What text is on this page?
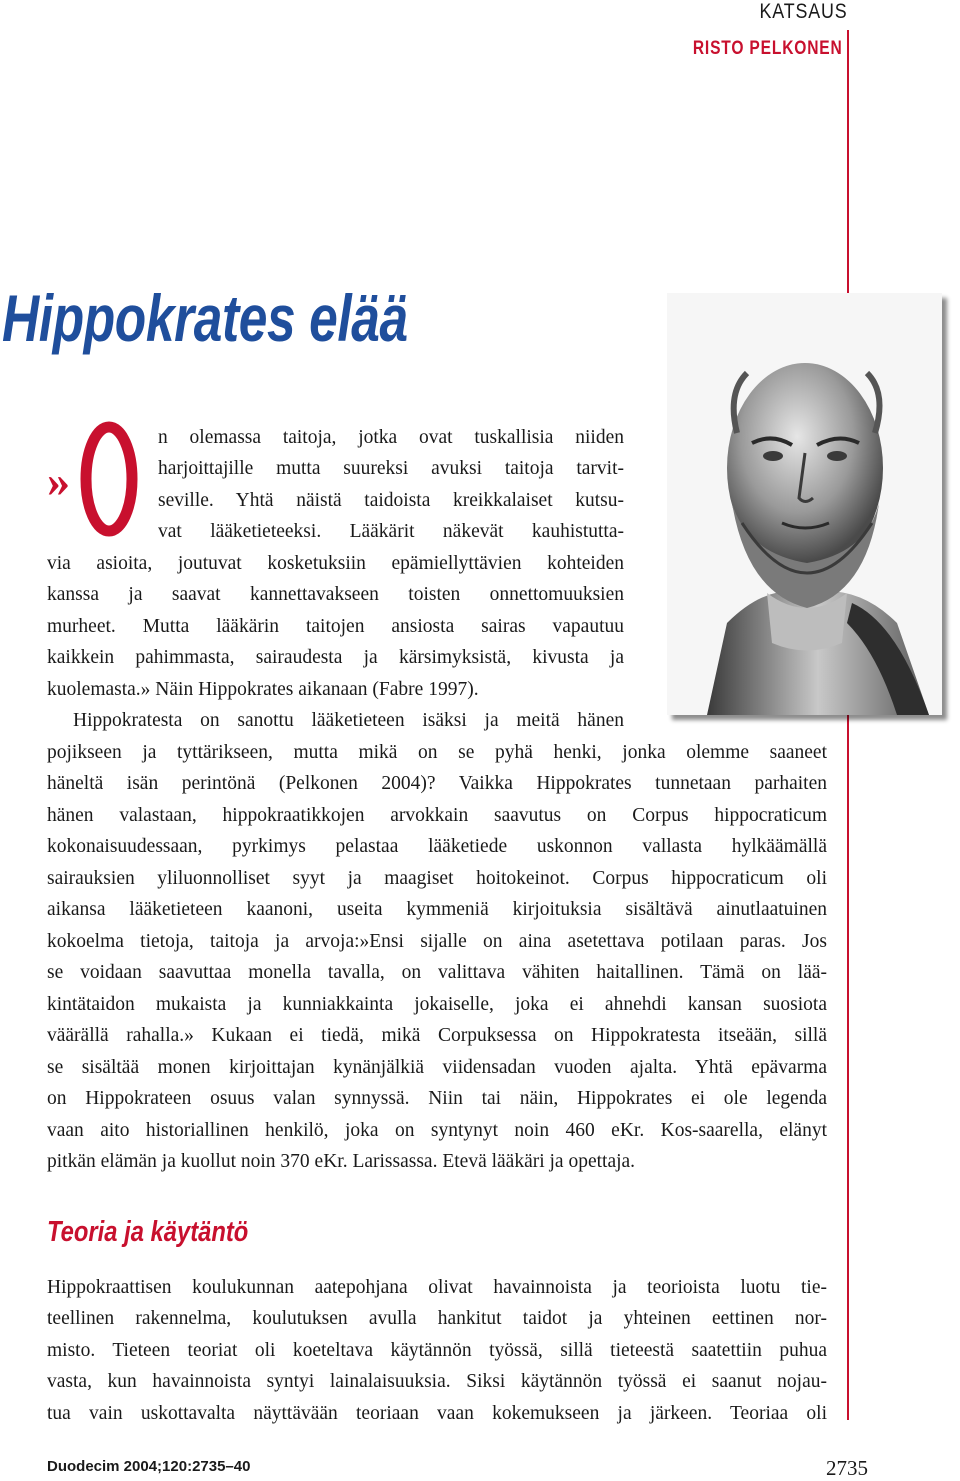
KATSAUS
RISTO PELKONEN
Hippokrates elää
»
n olemassa taitoja, jotka ovat tuskallisia niiden
harjoittajille mutta suureksi avuksi taitoja tarvit-
seville. Yhtä näistä taidoista kreikkalaiset kutsu-
vat lääketieteeksi. Lääkärit näkevät kauhistutta-
via asioita, joutuvat kosketuksiin epämiellyttävien kohteiden
kanssa ja saavat kannettavakseen toisten onnettomuuksien
murheet. Mutta lääkärin taitojen ansiosta sairas vapautuu
kaikkein pahimmasta, sairaudesta ja kärsimyksistä, kivusta ja
kuolemasta.» Näin Hippokrates aikanaan (Fabre 1997).
Hippokratesta on sanottu lääketieteen isäksi ja meitä hänen
pojikseen ja tyttärikseen, mutta mikä on se pyhä henki, jonka olemme saaneet
häneltä isän perintönä (Pelkonen 2004)? Vaikka Hippokrates tunnetaan parhaiten
hänen valastaan, hippokraatikkojen arvokkain saavutus on Corpus hippocraticum
kokonaisuudessaan, pyrkimys pelastaa lääketiede uskonnon vallasta hylkäämällä
sairauksien yliluonnolliset syyt ja maagiset hoitokeinot. Corpus hippocraticum oli
aikansa lääketieteen kaanoni, useita kymmeniä kirjoituksia sisältävä ainutlaatuinen
kokoelma tietoja, taitoja ja arvoja:»Ensi sijalle on aina asetettava potilaan paras. Jos
se voidaan saavuttaa monella tavalla, on valittava vähiten haitallinen. Tämä on lää-
kintätaidon mukaista ja kunniakkainta jokaiselle, joka ei ahnehdi kansan suosiota
väärällä rahalla.» Kukaan ei tiedä, mikä Corpuksessa on Hippokratesta itseään, sillä
se sisältää monen kirjoittajan kynänjälkiä viidensadan vuoden ajalta. Yhtä epävarma
on Hippokrateen osuus valan synnyssä. Niin tai näin, Hippokrates ei ole legenda
vaan aito historiallinen henkilö, joka on syntynyt noin 460 eKr. Kos-saarella, elänyt
pitkän elämän ja kuollut noin 370 eKr. Larissassa. Etevä lääkäri ja opettaja.
Teoria ja käytäntö
Hippokraattisen koulukunnan aatepohjana olivat havainnoista ja teorioista luotu tie-
teellinen rakennelma, koulutuksen avulla hankitut taidot ja yhteinen eettinen nor-
misto. Tieteen teoriat oli koeteltava käytännön työssä, sillä tieteestä saatettiin puhua
vasta, kun havainnoista syntyi lainalaisuuksia. Siksi käytännön työssä ei saanut nojau-
tua vain uskottavalta näyttävään teoriaan vaan kokemukseen ja järkeen. Teoriaa oli
Duodecim 2004;120:2735–40	2735
